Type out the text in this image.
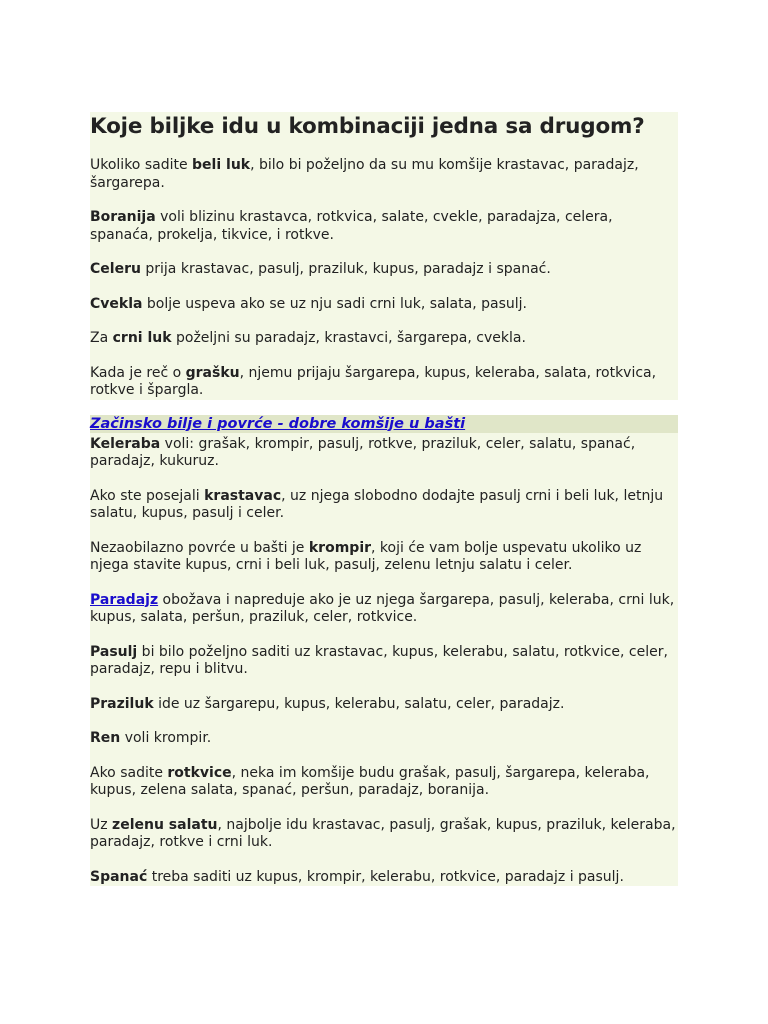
Koje biljke idu u kombinaciji jedna sa drugom?

Ukoliko sadite beli luk, bilo bi poželjno da su mu komšije krastavac, paradajz, šargarepa.

Boranija voli blizinu krastavca, rotkvica, salate, cvekle, paradajza, celera, spanaća, prokelja, tikvice, i rotkve.

Celeru prija krastavac, pasulj, praziluk, kupus, paradajz i spanać.

Cvekla bolje uspeva ako se uz nju sadi crni luk, salata, pasulj.

Za crni luk poželjni su paradajz, krastavci, šargarepa, cvekla.

Kada je reč o grašku, njemu prijaju šargarepa, kupus, keleraba, salata, rotkvica, rotkve i špargla.

Začinsko bilje i povrće - dobre komšije u bašti

Keleraba voli: grašak, krompir, pasulj, rotkve, praziluk, celer, salatu, spanać, paradajz, kukuruz.

Ako ste posejali krastavac, uz njega slobodno dodajte pasulj crni i beli luk, letnju salatu, kupus, pasulj i celer.

Nezaobilazno povrće u bašti je krompir, koji će vam bolje uspevatu ukoliko uz njega stavite kupus, crni i beli luk, pasulj, zelenu letnju salatu i celer.

Paradajz obožava i napreduje ako je uz njega šargarepa, pasulj, keleraba, crni luk, kupus, salata, peršun, praziluk, celer, rotkvice.

Pasulj bi bilo poželjno saditi uz krastavac, kupus, kelerabu, salatu, rotkvice, celer, paradajz, repu i blitvu.

Praziluk ide uz šargarepu, kupus, kelerabu, salatu, celer, paradajz.

Ren voli krompir.

Ako sadite rotkvice, neka im komšije budu grašak, pasulj, šargarepa, keleraba, kupus, zelena salata, spanać, peršun, paradajz, boranija.

Uz zelenu salatu, najbolje idu krastavac, pasulj, grašak, kupus, praziluk, keleraba, paradajz, rotkve i crni luk.

Spanać treba saditi uz kupus, krompir, kelerabu, rotkvice, paradajz i pasulj.
